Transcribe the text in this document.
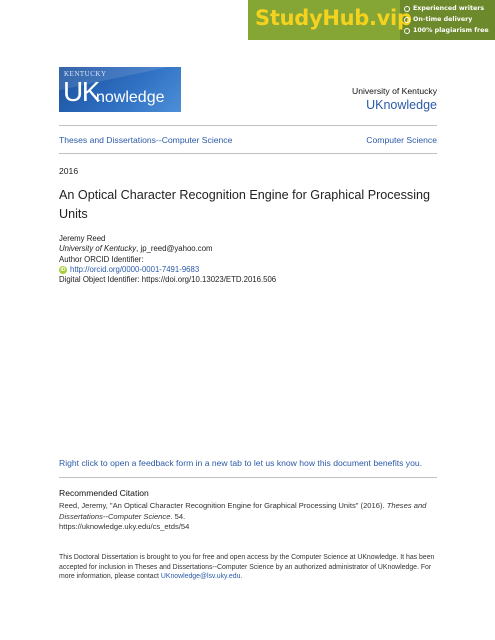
StudyHub.vip Experienced writers
On-time delivery
100% plagiarism free
KENTUCKY
UK
nowledge	University of Kentucky
UKnowledge
Theses and Dissertations--Computer Science	Computer Science
2016
An Optical Character Recognition Engine for Graphical Processing Units
Jeremy Reed
University of Kentucky, jp_reed@yahoo.com
Author ORCID Identifier:
iD http://orcid.org/0000-0001-7491-9683
Digital Object Identifier: https://doi.org/10.13023/ETD.2016.506
Right click to open a feedback form in a new tab to let us know how this document benefits you.
Recommended Citation
Reed, Jeremy, "An Optical Character Recognition Engine for Graphical Processing Units" (2016). Theses and Dissertations--Computer Science. 54.
https://uknowledge.uky.edu/cs_etds/54
This Doctoral Dissertation is brought to you for free and open access by the Computer Science at UKnowledge. It has been accepted for inclusion in Theses and Dissertations--Computer Science by an authorized administrator of UKnowledge. For more information, please contact UKnowledge@lsv.uky.edu.
